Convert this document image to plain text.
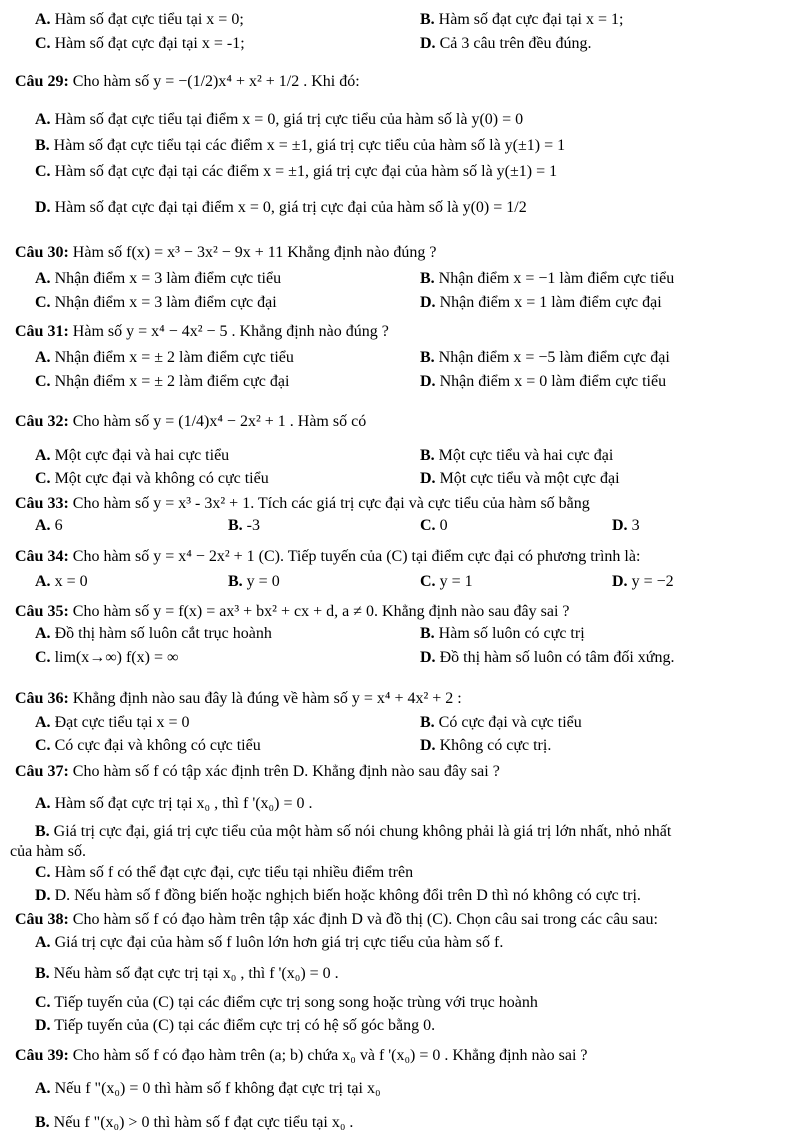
A. Hàm số đạt cực tiểu tại x = 0;	B. Hàm số đạt cực đại tại x = 1;
C. Hàm số đạt cực đại tại x = -1;	D. Cả 3 câu trên đều đúng.
Câu 29: Cho hàm số y = −(1/2)x⁴ + x² + 1/2 . Khi đó:
A. Hàm số đạt cực tiểu tại điểm x = 0, giá trị cực tiểu của hàm số là y(0) = 0
B. Hàm số đạt cực tiểu tại các điểm x = ±1, giá trị cực tiểu của hàm số là y(±1) = 1
C. Hàm số đạt cực đại tại các điểm x = ±1, giá trị cực đại của hàm số là y(±1) = 1
D. Hàm số đạt cực đại tại điểm x = 0, giá trị cực đại của hàm số là y(0) = 1/2
Câu 30: Hàm số f(x) = x³ − 3x² − 9x + 11 Khẳng định nào đúng ?
A. Nhận điểm x = 3 làm điểm cực tiểu	B. Nhận điểm x = −1 làm điểm cực tiểu
C. Nhận điểm x = 3 làm điểm cực đại	D. Nhận điểm x = 1 làm điểm cực đại
Câu 31: Hàm số y = x⁴ − 4x² − 5 . Khẳng định nào đúng ?
A. Nhận điểm x = ± 2 làm điểm cực tiểu	B. Nhận điểm x = −5 làm điểm cực đại
C. Nhận điểm x = ± 2 làm điểm cực đại	D. Nhận điểm x = 0 làm điểm cực tiểu
Câu 32: Cho hàm số y = (1/4)x⁴ − 2x² + 1 . Hàm số có
A. Một cực đại và hai cực tiểu	B. Một cực tiểu và hai cực đại
C. Một cực đại và không có cực tiểu	D. Một cực tiểu và một cực đại
Câu 33: Cho hàm số y = x³ - 3x² + 1. Tích các giá trị cực đại và cực tiểu của hàm số bằng
A. 6	B. -3	C. 0	D. 3
Câu 34: Cho hàm số y = x⁴ − 2x² + 1 (C). Tiếp tuyến của (C) tại điểm cực đại có phương trình là:
A. x = 0	B. y = 0	C. y = 1	D. y = −2
Câu 35: Cho hàm số y = f(x) = ax³ + bx² + cx + d, a ≠ 0. Khẳng định nào sau đây sai ?
A. Đồ thị hàm số luôn cắt trục hoành	B. Hàm số luôn có cực trị
C. lim(x→∞) f(x) = ∞	D. Đồ thị hàm số luôn có tâm đối xứng.
Câu 36: Khẳng định nào sau đây là đúng về hàm số y = x⁴ + 4x² + 2 :
A. Đạt cực tiểu tại x = 0	B. Có cực đại và cực tiểu
C. Có cực đại và không có cực tiểu	D. Không có cực trị.
Câu 37: Cho hàm số f có tập xác định trên D. Khẳng định nào sau đây sai ?
A. Hàm số đạt cực trị tại x₀ , thì f '(x₀) = 0 .
B. Giá trị cực đại, giá trị cực tiểu của một hàm số nói chung không phải là giá trị lớn nhất, nhỏ nhất
của hàm số.
C. Hàm số f có thể đạt cực đại, cực tiểu tại nhiều điểm trên
D. D. Nếu hàm số f đồng biến hoặc nghịch biến hoặc không đổi trên D thì nó không có cực trị.
Câu 38: Cho hàm số f có đạo hàm trên tập xác định D và đồ thị (C). Chọn câu sai trong các câu sau:
A. Giá trị cực đại của hàm số f luôn lớn hơn giá trị cực tiểu của hàm số f.
B. Nếu hàm số đạt cực trị tại x₀ , thì f '(x₀) = 0 .
C. Tiếp tuyến của (C) tại các điểm cực trị song song hoặc trùng với trục hoành
D. Tiếp tuyến của (C) tại các điểm cực trị có hệ số góc bằng 0.
Câu 39: Cho hàm số f có đạo hàm trên (a; b) chứa x₀ và f '(x₀) = 0 . Khẳng định nào sai ?
A. Nếu f "(x₀) = 0 thì hàm số f không đạt cực trị tại x₀
B. Nếu f "(x₀) > 0 thì hàm số f đạt cực tiểu tại x₀ .
